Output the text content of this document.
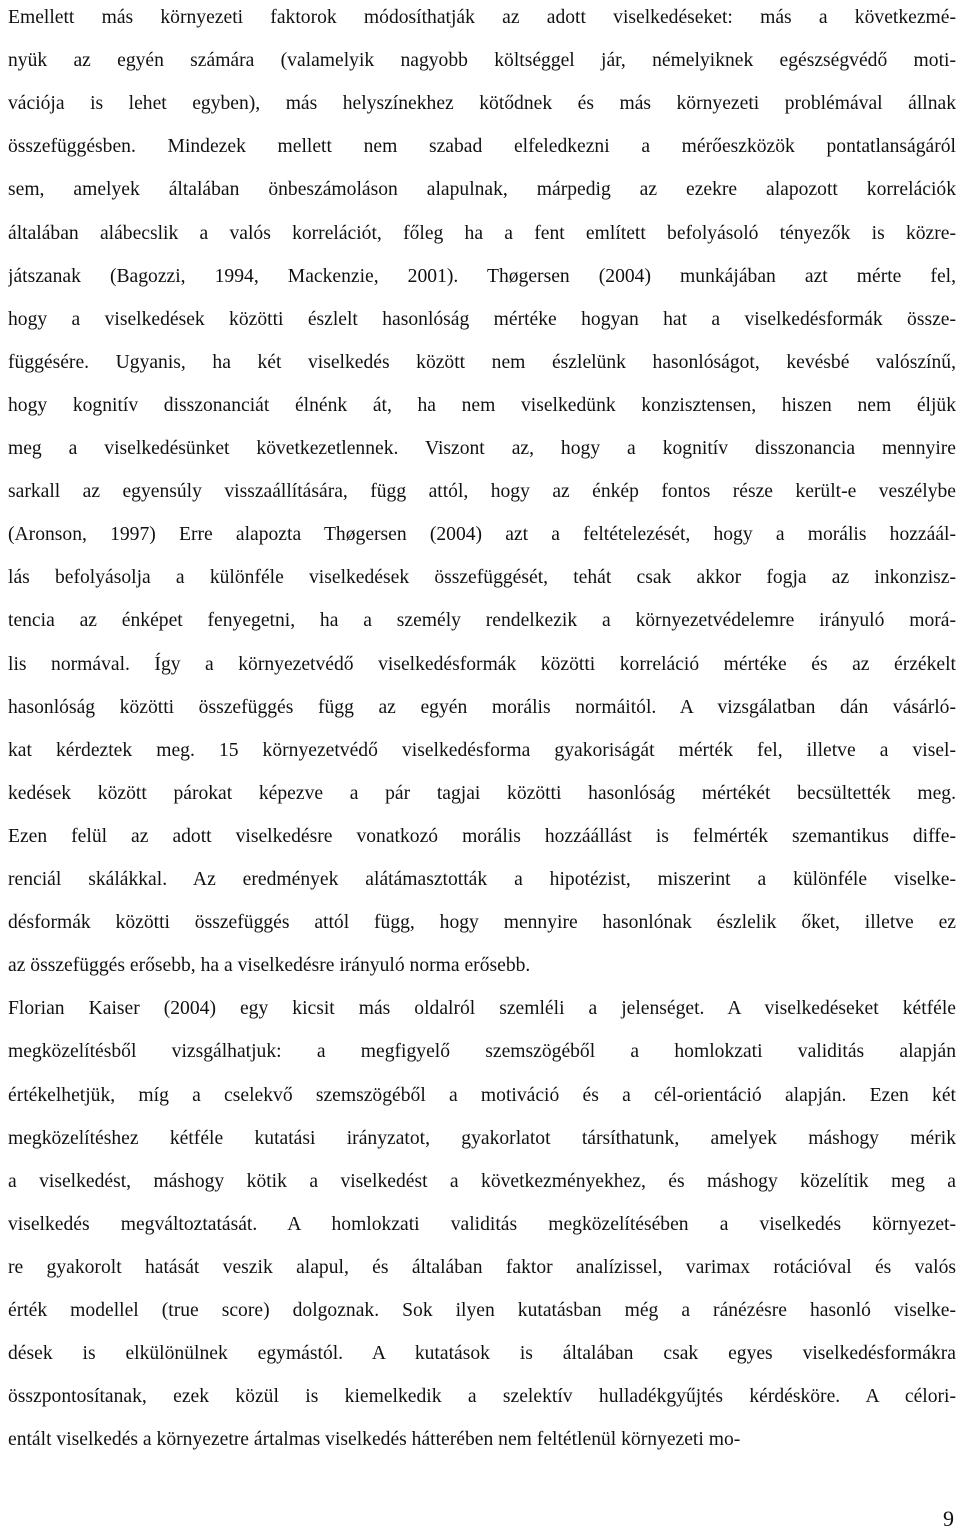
Emellett más környezeti faktorok módosíthatják az adott viselkedéseket: más a következmé-
nyük az egyén számára (valamelyik nagyobb költséggel jár, némelyiknek egészségvédő moti-
vációja is lehet egyben), más helyszínekhez kötődnek és más környezeti problémával állnak
összefüggésben. Mindezek mellett nem szabad elfeledkezni a mérőeszközök pontatlanságáról
sem, amelyek általában önbeszámoláson alapulnak, márpedig az ezekre alapozott korrelációk
általában alábecslik a valós korrelációt, főleg ha a fent említett befolyásoló tényezők is közre-
játszanak (Bagozzi, 1994, Mackenzie, 2001). Thøgersen (2004) munkájában azt mérte fel,
hogy a viselkedések közötti észlelt hasonlóság mértéke hogyan hat a viselkedésformák össze-
függésére. Ugyanis, ha két viselkedés között nem észlelünk hasonlóságot, kevésbé valószínű,
hogy kognitív disszonanciát élnénk át, ha nem viselkedünk konzisztensen, hiszen nem éljük
meg a viselkedésünket következetlennek. Viszont az, hogy a kognitív disszonancia mennyire
sarkall az egyensúly visszaállítására, függ attól, hogy az énkép fontos része került-e veszélybe
(Aronson, 1997) Erre alapozta Thøgersen (2004) azt a feltételezését, hogy a morális hozzáál-
lás befolyásolja a különféle viselkedések összefüggését, tehát csak akkor fogja az inkonzisz-
tencia az énképet fenyegetni, ha a személy rendelkezik a környezetvédelemre irányuló morá-
lis normával. Így a környezetvédő viselkedésformák közötti korreláció mértéke és az érzékelt
hasonlóság közötti összefüggés függ az egyén morális normáitól. A vizsgálatban dán vásárló-
kat kérdeztek meg. 15 környezetvédő viselkedésforma gyakoriságát mérték fel, illetve a visel-
kedések között párokat képezve a pár tagjai közötti hasonlóság mértékét becsültették meg.
Ezen felül az adott viselkedésre vonatkozó morális hozzáállást is felmérték szemantikus diffe-
renciál skálákkal. Az eredmények alátámasztották a hipotézist, miszerint a különféle viselke-
désformák közötti összefüggés attól függ, hogy mennyire hasonlónak észlelik őket, illetve ez
az összefüggés erősebb, ha a viselkedésre irányuló norma erősebb.
Florian Kaiser (2004) egy kicsit más oldalról szemléli a jelenséget. A viselkedéseket kétféle
megközelítésből vizsgálhatjuk: a megfigyelő szemszögéből a homlokzati validitás alapján
értékelhetjük, míg a cselekvő szemszögéből a motiváció és a cél-orientáció alapján. Ezen két
megközelítéshez kétféle kutatási irányzatot, gyakorlatot társíthatunk, amelyek máshogy mérik
a viselkedést, máshogy kötik a viselkedést a következményekhez, és máshogy közelítik meg a
viselkedés megváltoztatását. A homlokzati validitás megközelítésében a viselkedés környezet-
re gyakorolt hatását veszik alapul, és általában faktor analízissel, varimax rotációval és valós
érték modellel (true score) dolgoznak. Sok ilyen kutatásban még a ránézésre hasonló viselke-
dések is elkülönülnek egymástól. A kutatások is általában csak egyes viselkedésformákra
összpontosítanak, ezek közül is kiemelkedik a szelektív hulladékgyűjtés kérdésköre. A célori-
entált viselkedés a környezetre ártalmas viselkedés hátterében nem feltétlenül környezeti mo-
9
